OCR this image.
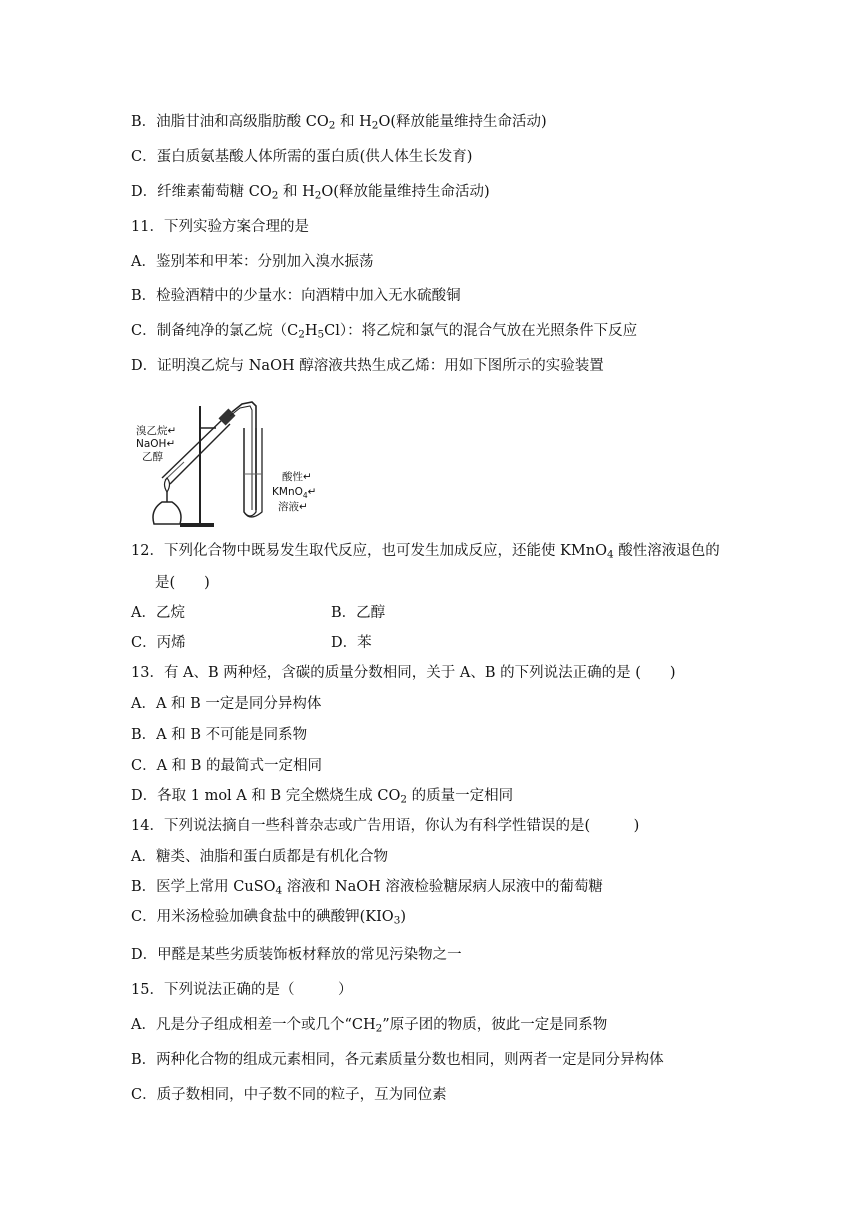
B．油脂甘油和高级脂肪酸 $CO_2$ 和 $H_2O$(释放能量维持生命活动)
C．蛋白质氨基酸人体所需的蛋白质(供人体生长发育)
D．纤维素葡萄糖 $CO_2$ 和 $H_2O$(释放能量维持生命活动)
11．下列实验方案合理的是
A．鉴别苯和甲苯：分别加入溴水振荡
B．检验酒精中的少量水：向酒精中加入无水硫酸铜
C．制备纯净的氯乙烷$(C_2H_5Cl)$：将乙烷和氯气的混合气放在光照条件下反应
D．证明溴乙烷与 NaOH 醇溶液共热生成乙烯：用如下图所示的实验装置
溴乙烷↵
NaOH↵
乙醇
酸性↵
KMnO$_4$↵
溶液↵
12．下列化合物中既易发生取代反应，也可发生加成反应，还能使 KMnO$_4$ 酸性溶液退色的
是(　　)
A．乙烷	B．乙醇
C．丙烯	D．苯
13．有 A、B 两种烃，含碳的质量分数相同，关于 A、B 的下列说法正确的是 (　　)
A．A 和 B 一定是同分异构体
B．A 和 B 不可能是同系物
C．A 和 B 的最简式一定相同
D．各取 1 mol A 和 B 完全燃烧生成 $CO_2$ 的质量一定相同
14．下列说法摘自一些科普杂志或广告用语，你认为有科学性错误的是(　　　)
A．糖类、油脂和蛋白质都是有机化合物
B．医学上常用 CuSO$_4$ 溶液和 NaOH 溶液检验糖尿病人尿液中的葡萄糖
C．用米汤检验加碘食盐中的碘酸钾$(KIO_3)$
D．甲醛是某些劣质装饰板材释放的常见污染物之一
15．下列说法正确的是（　　　）
A．凡是分子组成相差一个或几个“$CH_2$”原子团的物质，彼此一定是同系物
B．两种化合物的组成元素相同，各元素质量分数也相同，则两者一定是同分异构体
C．质子数相同，中子数不同的粒子，互为同位素
